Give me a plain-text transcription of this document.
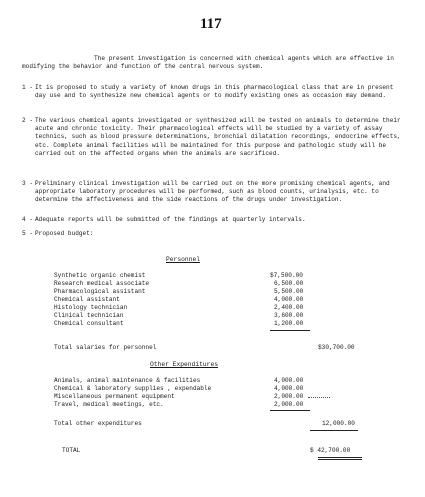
117
The present investigation is concerned with chemical agents which are effective in modifying the behavior and function of the central nervous system.
1 - It is proposed to study a variety of known drugs in this pharmacological class that are in present day use and to synthesize new chemical agents or to modify existing ones as occasion may demand.
2 - The various chemical agents investigated or synthesized will be tested on animals to determine their acute and chronic toxicity. Their pharmacological effects will be studied by a variety of assay technics, such as blood pressure determinations, bronchial dilatation recordings, endocrine effects, etc. Complete animal facilities will be maintained for this purpose and pathologic study will be carried out on the affected organs when the animals are sacrificed.
3 - Preliminary clinical investigation will be carried out on the more promising chemical agents, and appropriate laboratory procedures will be performed, such as blood counts, urinalysis, etc. to determine the affectiveness and the side reactions of the drugs under investigation.
4 - Adequate reports will be submitted of the findings at quarterly intervals.
5 - Proposed budget:
Personnel
Synthetic organic chemist	$7,500.00
Research medical associate	6,500.00
Pharmacological assistant	5,500.00
Chemical assistant	4,000.00
Histology technician	2,400.00
Clinical technician	3,600.00
Chemical consultant	1,200.00
Total salaries for personnel	$30,700.00
Other Expenditures
Animals, animal maintenance & facilities	4,000.00
Chemical & laboratory supplies , expendable	4,000.00
Miscellaneous permanent equipment	2,000.00
Travel, medical meetings, etc.	2,000.00
Total other expenditures	12,000.00
TOTAL	$ 42,700.00
